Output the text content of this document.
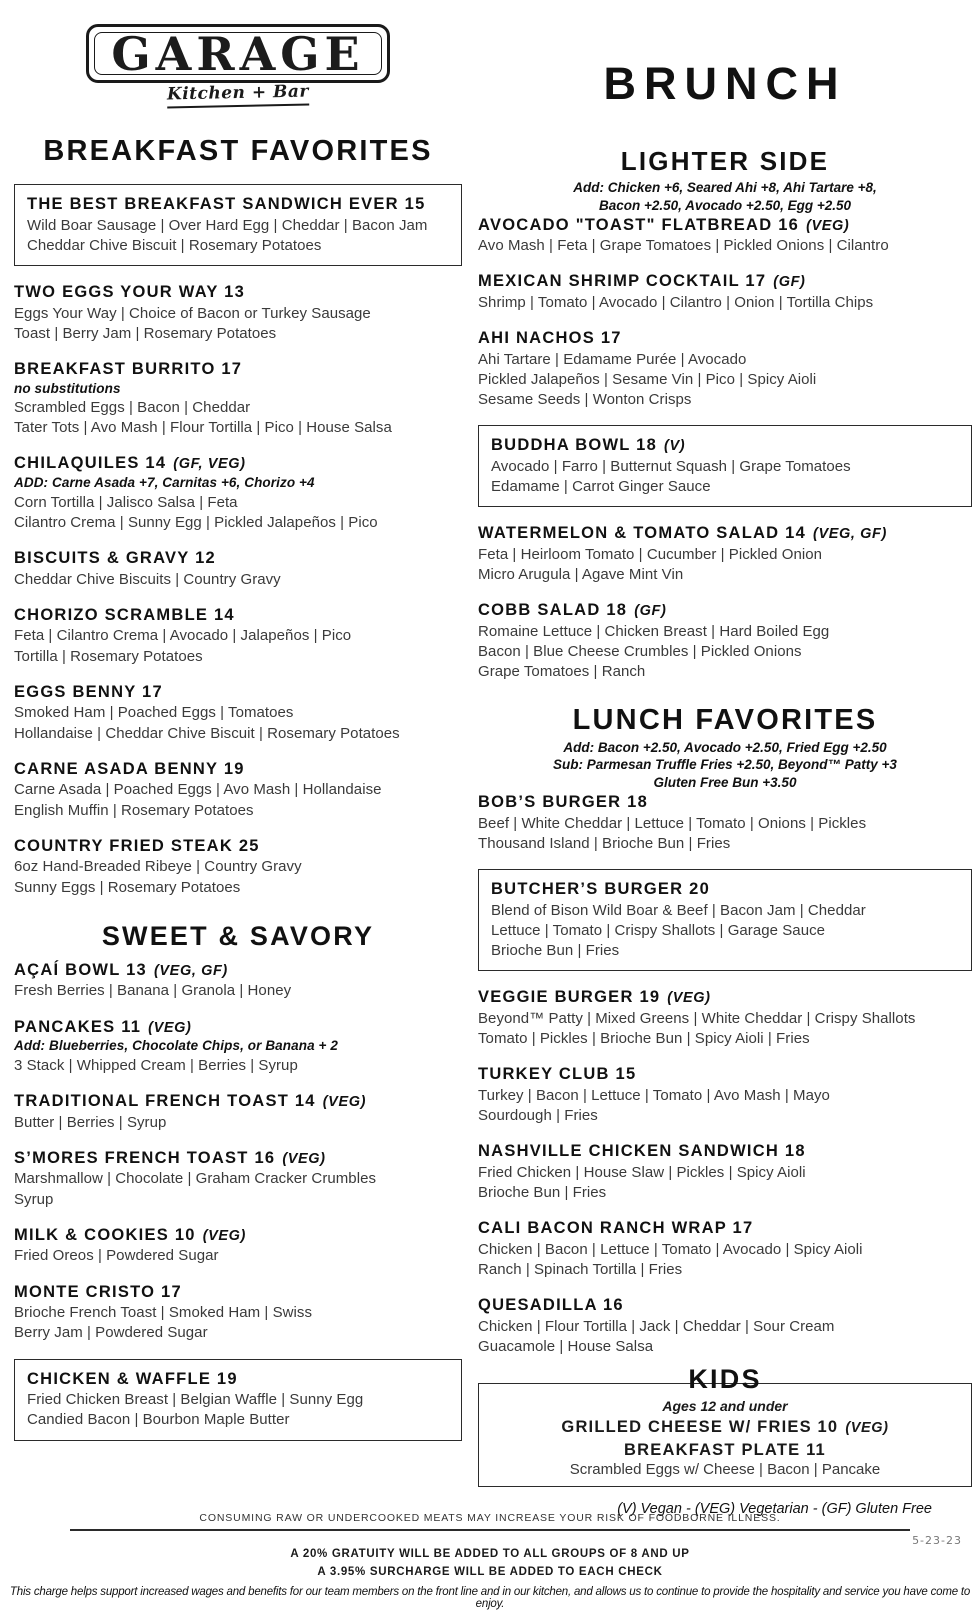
GARAGE
Kitchen + Bar
BREAKFAST FAVORITES
THE BEST BREAKFAST SANDWICH EVER 15
Wild Boar Sausage | Over Hard Egg | Cheddar | Bacon Jam
Cheddar Chive Biscuit | Rosemary Potatoes
TWO EGGS YOUR WAY 13
Eggs Your Way | Choice of Bacon or Turkey Sausage
Toast | Berry Jam | Rosemary Potatoes
BREAKFAST BURRITO 17
no substitutions
Scrambled Eggs | Bacon | Cheddar
Tater Tots | Avo Mash | Flour Tortilla | Pico | House Salsa
CHILAQUILES 14 (GF, VEG)
ADD: Carne Asada +7, Carnitas +6, Chorizo +4
Corn Tortilla | Jalisco Salsa | Feta
Cilantro Crema | Sunny Egg | Pickled Jalapeños | Pico
BISCUITS & GRAVY 12
Cheddar Chive Biscuits | Country Gravy
CHORIZO SCRAMBLE 14
Feta | Cilantro Crema | Avocado | Jalapeños | Pico
Tortilla | Rosemary Potatoes
EGGS BENNY 17
Smoked Ham | Poached Eggs | Tomatoes
Hollandaise | Cheddar Chive Biscuit | Rosemary Potatoes
CARNE ASADA BENNY 19
Carne Asada | Poached Eggs | Avo Mash | Hollandaise
English Muffin | Rosemary Potatoes
COUNTRY FRIED STEAK 25
6oz Hand-Breaded Ribeye | Country Gravy
Sunny Eggs | Rosemary Potatoes
SWEET & SAVORY
AÇAÍ BOWL 13 (VEG, GF)
Fresh Berries | Banana | Granola | Honey
PANCAKES 11 (VEG)
Add: Blueberries, Chocolate Chips, or Banana + 2
3 Stack | Whipped Cream | Berries | Syrup
TRADITIONAL FRENCH TOAST 14 (VEG)
Butter | Berries | Syrup
S’MORES FRENCH TOAST 16 (VEG)
Marshmallow | Chocolate | Graham Cracker Crumbles
Syrup
MILK & COOKIES 10 (VEG)
Fried Oreos | Powdered Sugar
MONTE CRISTO 17
Brioche French Toast | Smoked Ham | Swiss
Berry Jam | Powdered Sugar
CHICKEN & WAFFLE 19
Fried Chicken Breast | Belgian Waffle | Sunny Egg
Candied Bacon | Bourbon Maple Butter
BRUNCH
LIGHTER SIDE
Add: Chicken +6, Seared Ahi +8, Ahi Tartare +8,
Bacon +2.50, Avocado +2.50, Egg +2.50
AVOCADO "TOAST" FLATBREAD 16 (VEG)
Avo Mash | Feta | Grape Tomatoes | Pickled Onions | Cilantro
MEXICAN SHRIMP COCKTAIL 17 (GF)
Shrimp | Tomato | Avocado | Cilantro | Onion | Tortilla Chips
AHI NACHOS 17
Ahi Tartare | Edamame Purée | Avocado
Pickled Jalapeños | Sesame Vin | Pico | Spicy Aioli
Sesame Seeds | Wonton Crisps
BUDDHA BOWL 18 (V)
Avocado | Farro | Butternut Squash | Grape Tomatoes
Edamame | Carrot Ginger Sauce
WATERMELON & TOMATO SALAD 14 (VEG, GF)
Feta | Heirloom Tomato | Cucumber | Pickled Onion
Micro Arugula | Agave Mint Vin
COBB SALAD 18 (GF)
Romaine Lettuce | Chicken Breast | Hard Boiled Egg
Bacon | Blue Cheese Crumbles | Pickled Onions
Grape Tomatoes | Ranch
LUNCH FAVORITES
Add: Bacon +2.50, Avocado +2.50, Fried Egg +2.50
Sub: Parmesan Truffle Fries +2.50, Beyond™ Patty +3
Gluten Free Bun +3.50
BOB’S BURGER 18
Beef | White Cheddar | Lettuce | Tomato | Onions | Pickles
Thousand Island | Brioche Bun | Fries
BUTCHER’S BURGER 20
Blend of Bison Wild Boar & Beef | Bacon Jam | Cheddar
Lettuce | Tomato | Crispy Shallots | Garage Sauce
Brioche Bun | Fries
VEGGIE BURGER 19 (VEG)
Beyond™ Patty | Mixed Greens | White Cheddar | Crispy Shallots
Tomato | Pickles | Brioche Bun | Spicy Aioli | Fries
TURKEY CLUB 15
Turkey | Bacon | Lettuce | Tomato | Avo Mash | Mayo
Sourdough | Fries
NASHVILLE CHICKEN SANDWICH 18
Fried Chicken | House Slaw | Pickles | Spicy Aioli
Brioche Bun | Fries
CALI BACON RANCH WRAP 17
Chicken | Bacon | Lettuce | Tomato | Avocado | Spicy Aioli
Ranch | Spinach Tortilla | Fries
QUESADILLA 16
Chicken | Flour Tortilla | Jack | Cheddar | Sour Cream
Guacamole | House Salsa
KIDS
Ages 12 and under
GRILLED CHEESE W/ FRIES 10 (VEG)
BREAKFAST PLATE 11
Scrambled Eggs w/ Cheese | Bacon | Pancake
(V) Vegan - (VEG) Vegetarian - (GF) Gluten Free
CONSUMING RAW OR UNDERCOOKED MEATS MAY INCREASE YOUR RISK OF FOODBORNE ILLNESS.
5-23-23
A 20% GRATUITY WILL BE ADDED TO ALL GROUPS OF 8 AND UP
A 3.95% SURCHARGE WILL BE ADDED TO EACH CHECK
This charge helps support increased wages and benefits for our team members on the front line and in our kitchen, and allows us to continue to provide the hospitality and service you have come to enjoy.
